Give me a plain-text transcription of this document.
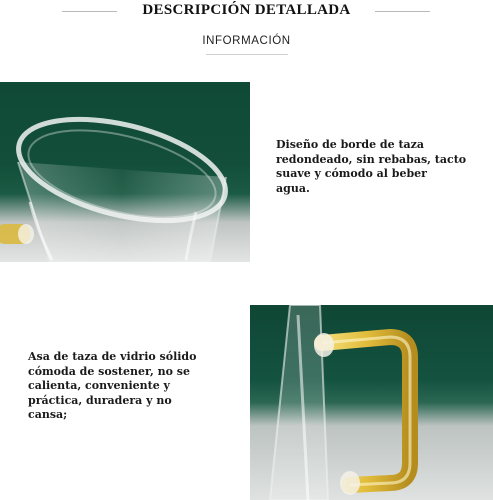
DESCRIPCIÓN DETALLADA
INFORMACIÓN
Diseño de borde de taza
redondeado, sin rebabas, tacto
suave y cómodo al beber
agua.
Asa de taza de vidrio sólido
cómoda de sostener, no se
calienta, conveniente y
práctica, duradera y no
cansa;
